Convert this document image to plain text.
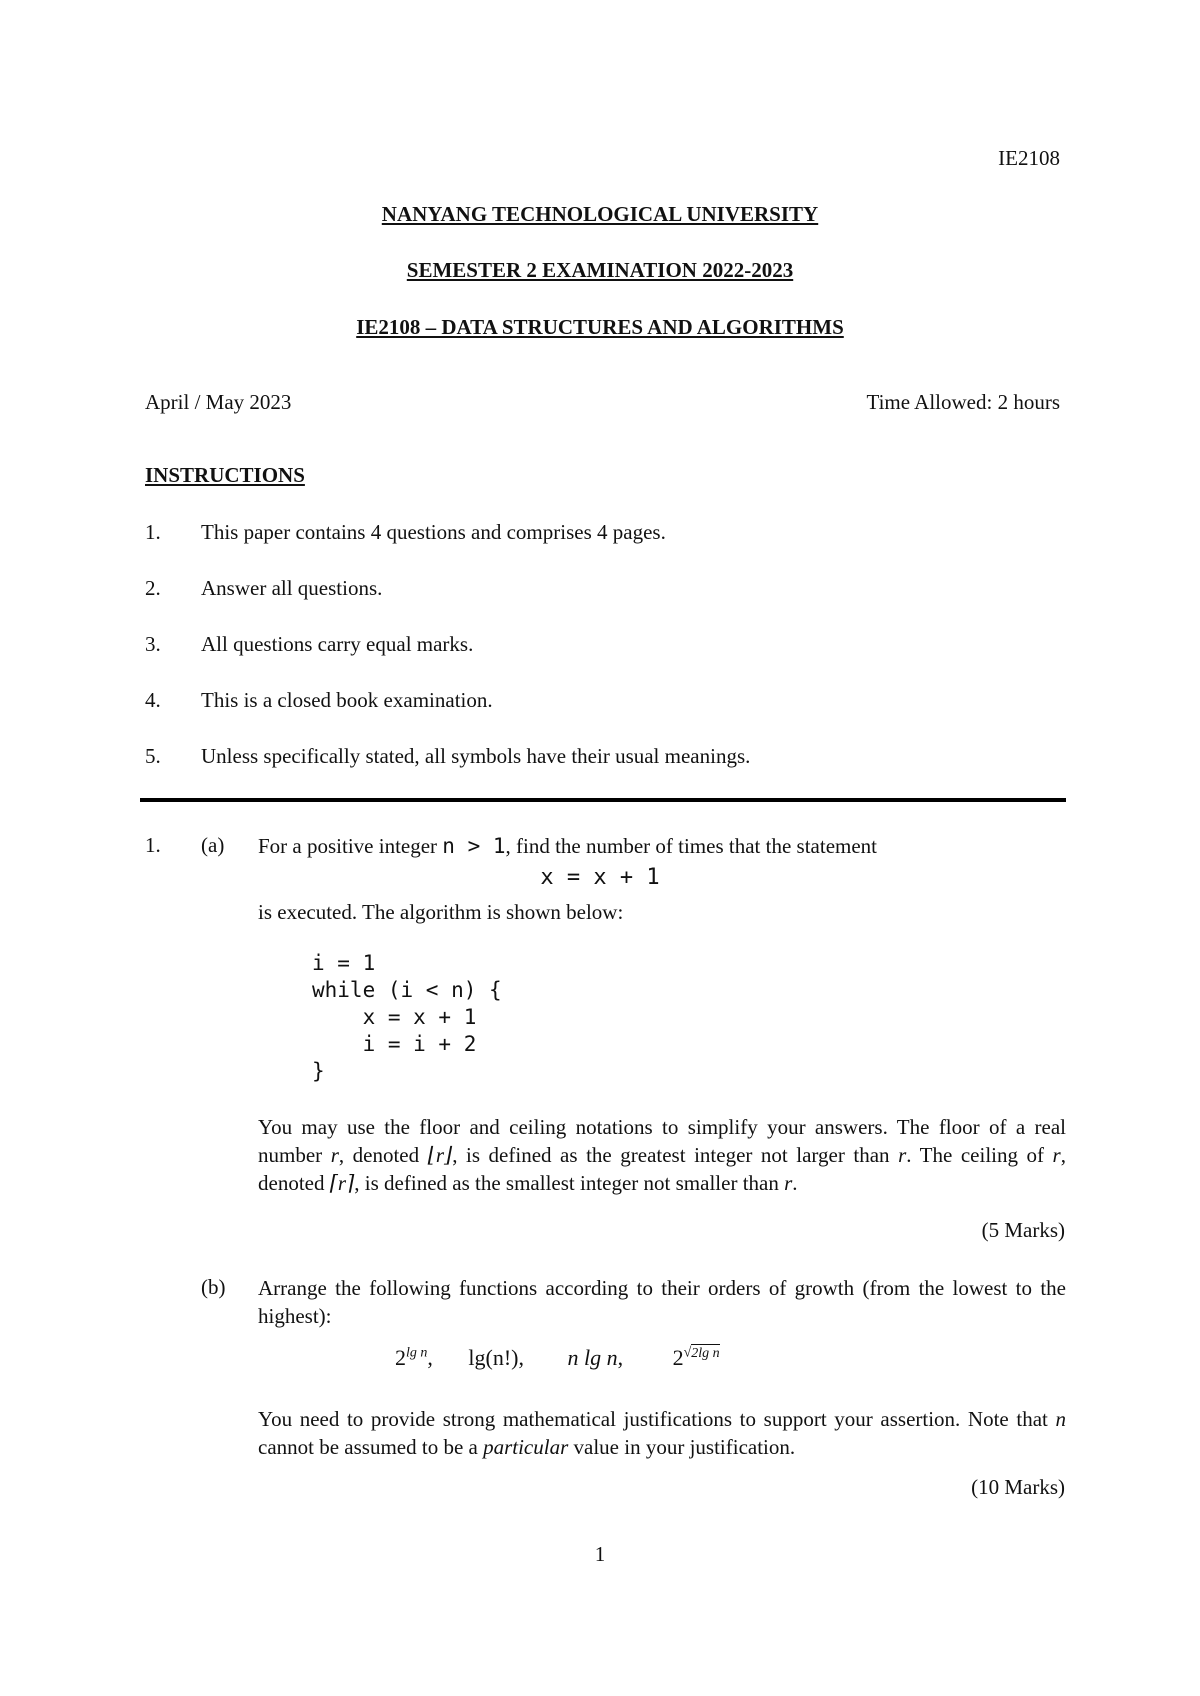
IE2108
NANYANG TECHNOLOGICAL UNIVERSITY
SEMESTER 2 EXAMINATION 2022-2023
IE2108 – DATA STRUCTURES AND ALGORITHMS
April / May 2023	Time Allowed: 2 hours
INSTRUCTIONS
1. This paper contains 4 questions and comprises 4 pages.
2. Answer all questions.
3. All questions carry equal marks.
4. This is a closed book examination.
5. Unless specifically stated, all symbols have their usual meanings.
1. (a) For a positive integer n > 1, find the number of times that the statement
x = x + 1
is executed. The algorithm is shown below:
i = 1
while (i < n) {
x = x + 1
i = i + 2
}
You may use the floor and ceiling notations to simplify your answers. The floor of a real number r, denoted ⌊r⌋, is defined as the greatest integer not larger than r. The ceiling of r, denoted ⌈r⌉, is defined as the smallest integer not smaller than r.
(5 Marks)
(b) Arrange the following functions according to their orders of growth (from the lowest to the highest):
$2^{lg n}$, lg(n!), n lg n, $2^{√2lg n}$
You need to provide strong mathematical justifications to support your assertion. Note that n cannot be assumed to be a particular value in your justification.
(10 Marks)
1
